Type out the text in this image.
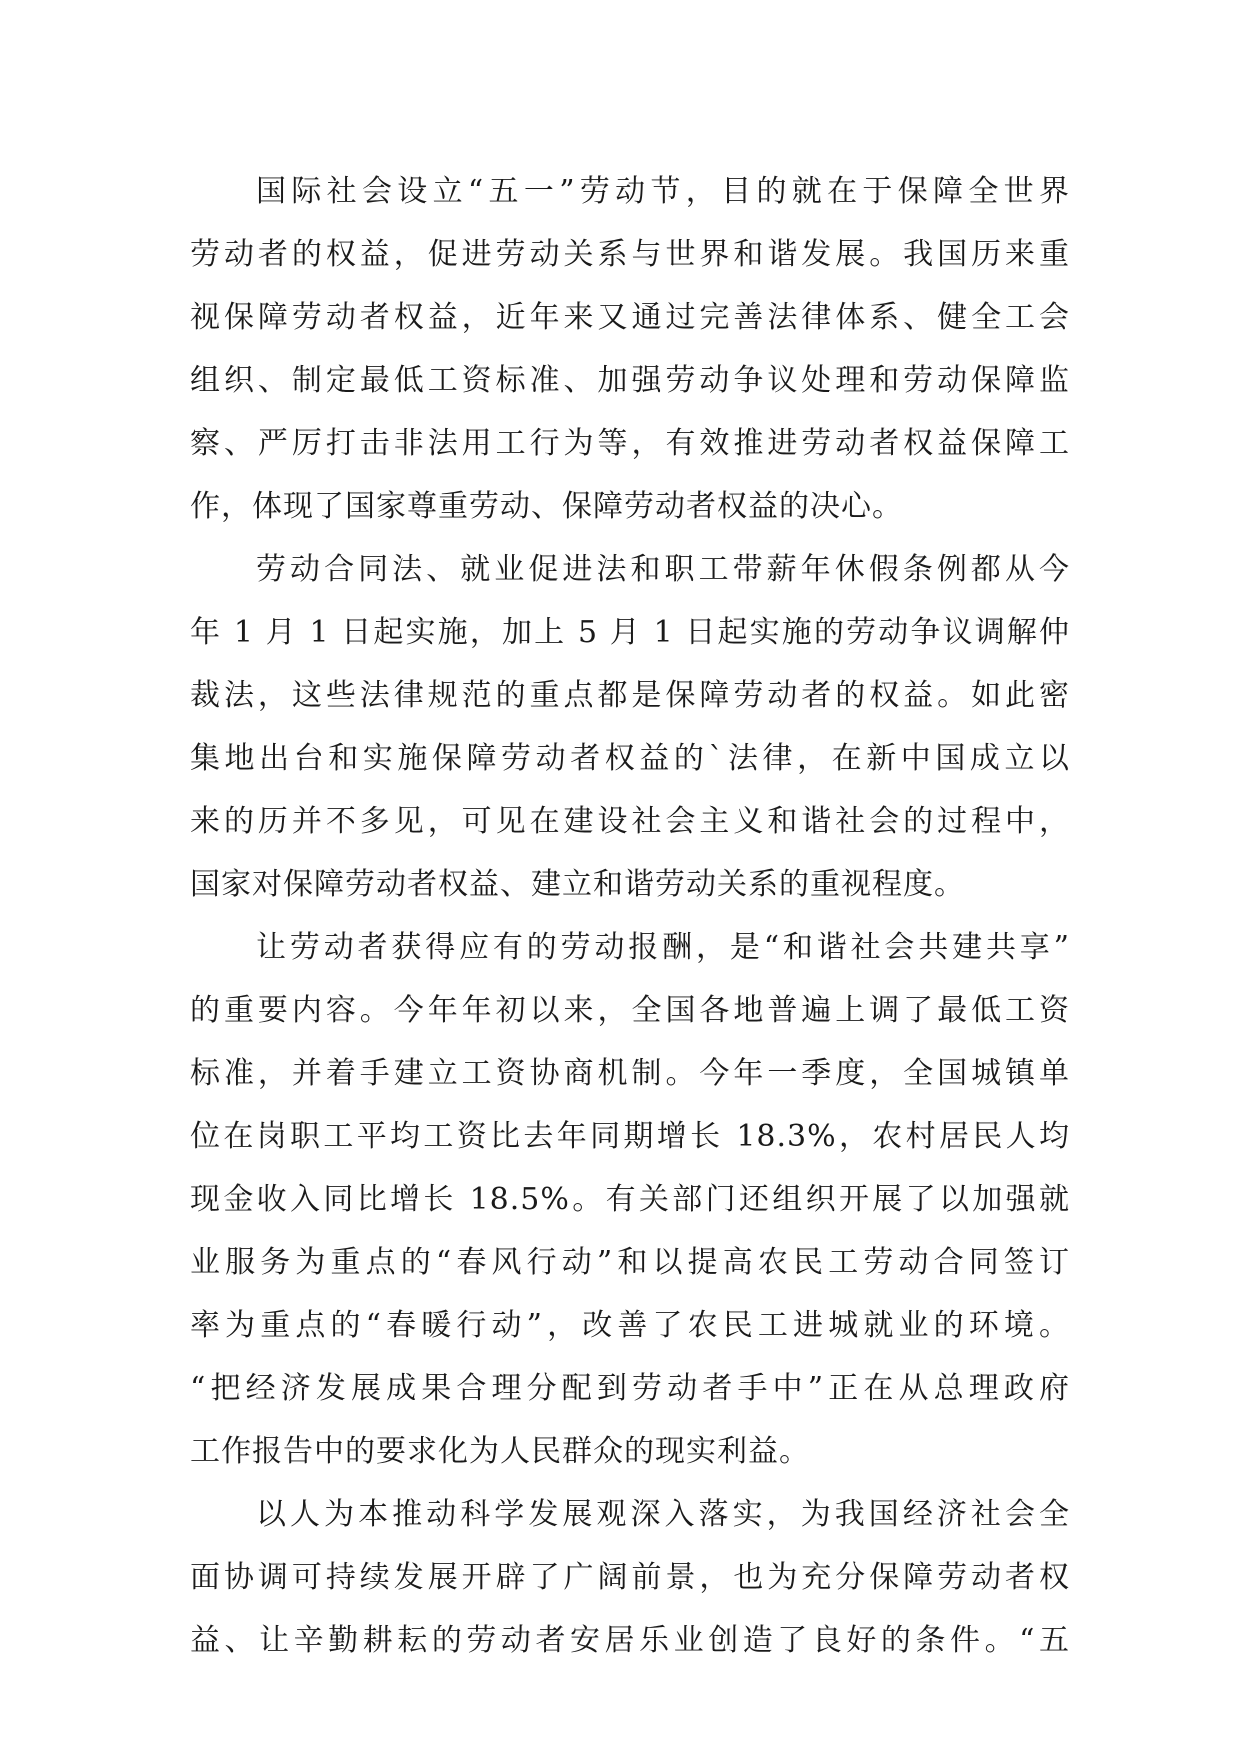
国际社会设立“五一”劳动节，目的就在于保障全世界
劳动者的权益，促进劳动关系与世界和谐发展。我国历来重
视保障劳动者权益，近年来又通过完善法律体系、健全工会
组织、制定最低工资标准、加强劳动争议处理和劳动保障监
察、严厉打击非法用工行为等，有效推进劳动者权益保障工
作，体现了国家尊重劳动、保障劳动者权益的决心。
劳动合同法、就业促进法和职工带薪年休假条例都从今
年 1 月 1 日起实施，加上 5 月 1 日起实施的劳动争议调解仲
裁法，这些法律规范的重点都是保障劳动者的权益。如此密
集地出台和实施保障劳动者权益的`法律，在新中国成立以
来的历并不多见，可见在建设社会主义和谐社会的过程中，
国家对保障劳动者权益、建立和谐劳动关系的重视程度。
让劳动者获得应有的劳动报酬，是“和谐社会共建共享”
的重要内容。今年年初以来，全国各地普遍上调了最低工资
标准，并着手建立工资协商机制。今年一季度，全国城镇单
位在岗职工平均工资比去年同期增长 18.3%，农村居民人均
现金收入同比增长 18.5%。有关部门还组织开展了以加强就
业服务为重点的“春风行动”和以提高农民工劳动合同签订
率为重点的“春暖行动”，改善了农民工进城就业的环境。
“把经济发展成果合理分配到劳动者手中”正在从总理政府
工作报告中的要求化为人民群众的现实利益。
以人为本推动科学发展观深入落实，为我国经济社会全
面协调可持续发展开辟了广阔前景，也为充分保障劳动者权
益、让辛勤耕耘的劳动者安居乐业创造了良好的条件。“五
